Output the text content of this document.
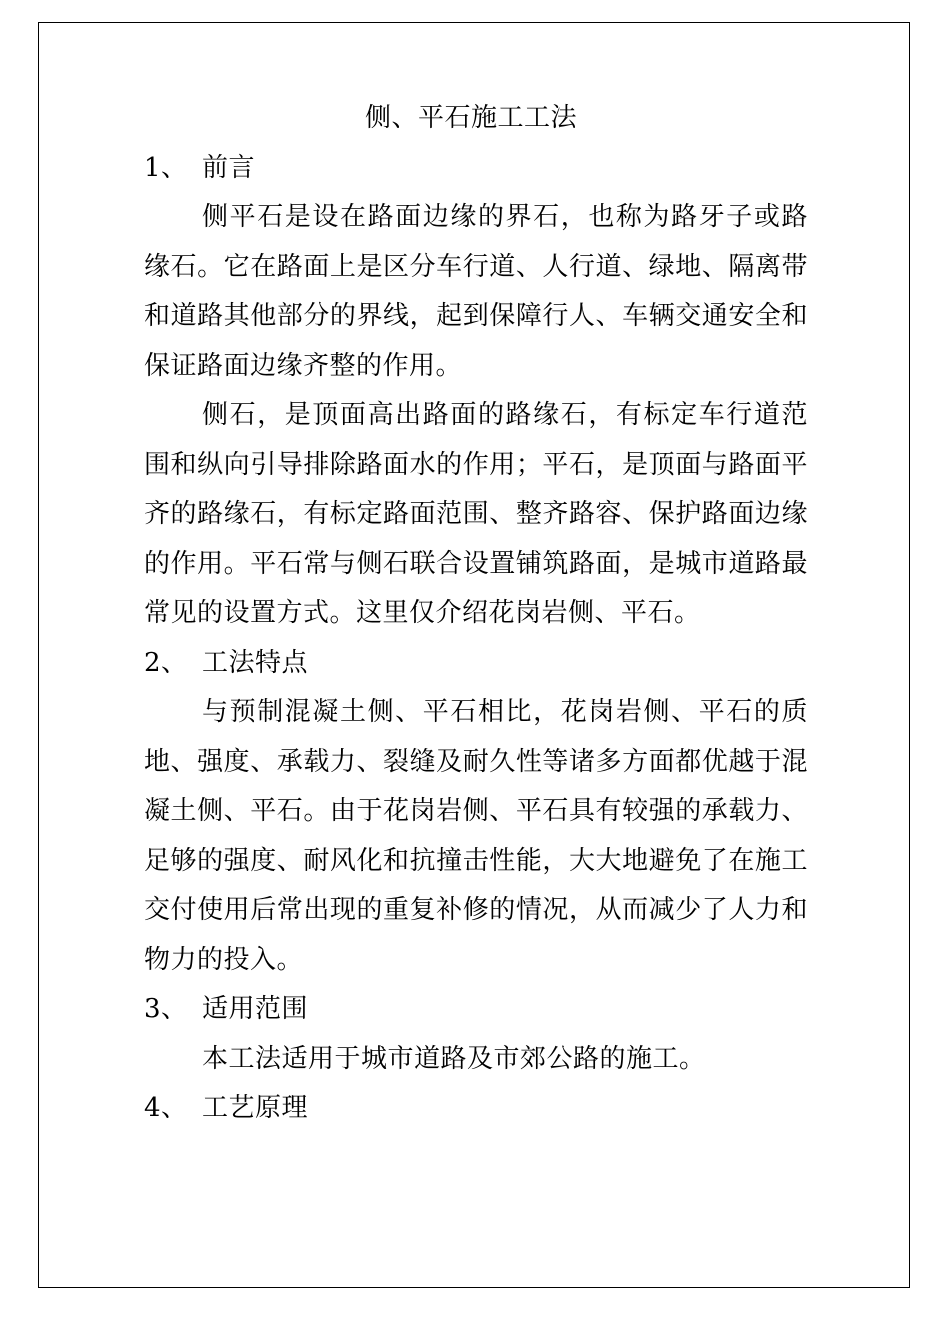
侧、平石施工工法
1、 前言

侧平石是设在路面边缘的界石，也称为路牙子或路缘石。它在路面上是区分车行道、人行道、绿地、隔离带和道路其他部分的界线，起到保障行人、车辆交通安全和保证路面边缘齐整的作用。

侧石，是顶面高出路面的路缘石，有标定车行道范围和纵向引导排除路面水的作用；平石，是顶面与路面平齐的路缘石，有标定路面范围、整齐路容、保护路面边缘的作用。平石常与侧石联合设置铺筑路面，是城市道路最常见的设置方式。这里仅介绍花岗岩侧、平石。

2、 工法特点

与预制混凝土侧、平石相比，花岗岩侧、平石的质地、强度、承载力、裂缝及耐久性等诸多方面都优越于混凝土侧、平石。由于花岗岩侧、平石具有较强的承载力、足够的强度、耐风化和抗撞击性能，大大地避免了在施工交付使用后常出现的重复补修的情况，从而减少了人力和物力的投入。

3、 适用范围

本工法适用于城市道路及市郊公路的施工。

4、 工艺原理
